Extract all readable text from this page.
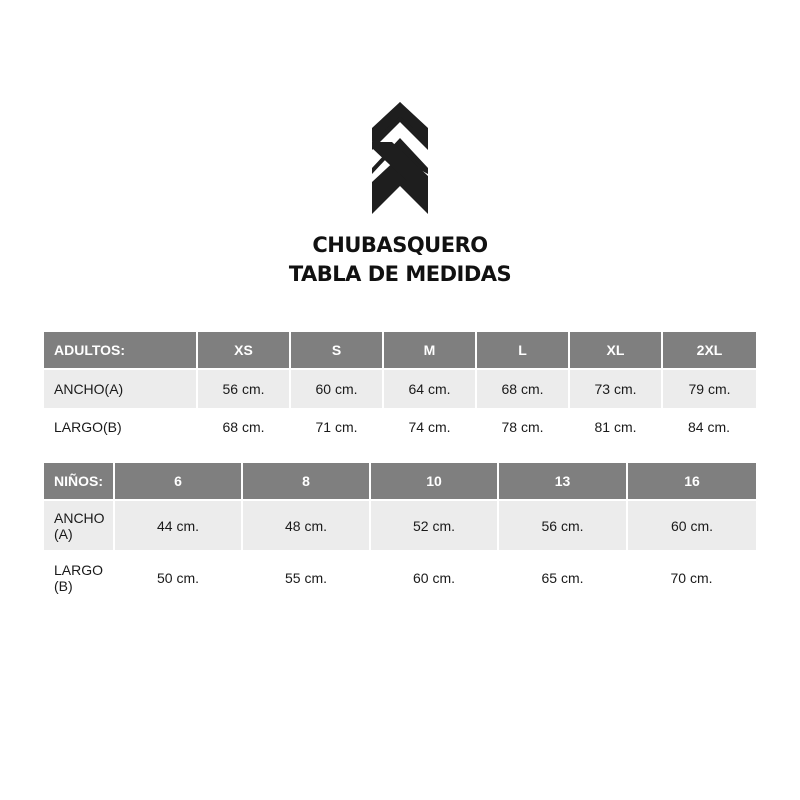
CHUBASQUERO
TABLA DE MEDIDAS
ADULTOS:	XS	S	M	L	XL	2XL

ANCHO(A)	56 cm.	60 cm.	64 cm.	68 cm.	73 cm.	79 cm.
LARGO(B)	68 cm.	71 cm.	74 cm.	78 cm.	81 cm.	84 cm.
NIÑOS:	6	8	10	13	16

ANCHO (A)	44 cm.	48 cm.	52 cm.	56 cm.	60 cm.
LARGO (B)	50 cm.	55 cm.	60 cm.	65 cm.	70 cm.
